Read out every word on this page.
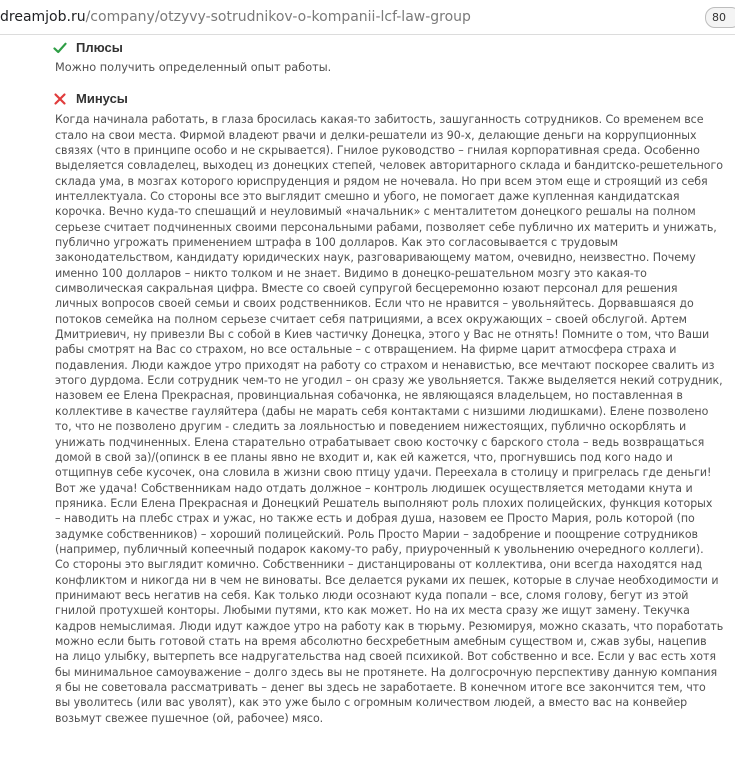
dreamjob.ru/company/otzyvy-sotrudnikov-o-kompanii-lcf-law-group	80
Плюсы
Можно получить определенный опыт работы.
Минусы
Когда начинала работать, в глаза бросилась какая-то забитость, зашуганность сотрудников. Со временем все
стало на свои места. Фирмой владеют рвачи и делки-решатели из 90-х, делающие деньги на коррупционных
связях (что в принципе особо и не скрывается). Гнилое руководство – гнилая корпоративная среда. Особенно
выделяется совладелец, выходец из донецких степей, человек авторитарного склада и бандитско-решетельного
склада ума, в мозгах которого юриспруденция и рядом не ночевала. Но при всем этом еще и строящий из себя
интеллектуала. Со стороны все это выглядит смешно и убого, не помогает даже купленная кандидатская
корочка. Вечно куда-то спешащий и неуловимый «начальник» с менталитетом донецкого решалы на полном
серьезе считает подчиненных своими персональными рабами, позволяет себе публично их материть и унижать,
публично угрожать применением штрафа в 100 долларов. Как это согласовывается с трудовым
законодательством, кандидату юридических наук, разговаривающему матом, очевидно, неизвестно. Почему
именно 100 долларов – никто толком и не знает. Видимо в донецко-решательном мозгу это какая-то
символическая сакральная цифра. Вместе со своей супругой бесцеремонно юзают персонал для решения
личных вопросов своей семьи и своих родственников. Если что не нравится – увольняйтесь. Дорвавшаяся до
потоков семейка на полном серьезе считает себя патрициями, а всех окружающих – своей обслугой. Артем
Дмитриевич, ну привезли Вы с собой в Киев частичку Донецка, этого у Вас не отнять! Помните о том, что Ваши
рабы смотрят на Вас со страхом, но все остальные – с отвращением. На фирме царит атмосфера страха и
подавления. Люди каждое утро приходят на работу со страхом и ненавистью, все мечтают поскорее свалить из
этого дурдома. Если сотрудник чем-то не угодил – он сразу же увольняется. Также выделяется некий сотрудник,
назовем ее Елена Прекрасная, провинциальная собачонка, не являющаяся владельцем, но поставленная в
коллективе в качестве гауляйтера (дабы не марать себя контактами с низшими людишками). Елене позволено
то, что не позволено другим - следить за лояльностью и поведением нижестоящих, публично оскорблять и
унижать подчиненных. Елена старательно отрабатывает свою косточку с барского стола – ведь возвращаться
домой в свой за)/(опинск в ее планы явно не входит и, как ей кажется, что, прогнувшись под кого надо и
отщипнув себе кусочек, она словила в жизни свою птицу удачи. Переехала в столицу и пригрелась где деньги!
Вот же удача! Собственникам надо отдать должное – контроль людишек осуществляется методами кнута и
пряника. Если Елена Прекрасная и Донецкий Решатель выполняют роль плохих полицейских, функция которых
– наводить на плебс страх и ужас, но также есть и добрая душа, назовем ее Просто Мария, роль которой (по
задумке собственников) – хороший полицейский. Роль Просто Марии – задобрение и поощрение сотрудников
(например, публичный копеечный подарок какому-то рабу, приуроченный к увольнению очередного коллеги).
Со стороны это выглядит комично. Собственники – дистанцированы от коллектива, они всегда находятся над
конфликтом и никогда ни в чем не виноваты. Все делается руками их пешек, которые в случае необходимости и
принимают весь негатив на себя. Как только люди осознают куда попали – все, сломя голову, бегут из этой
гнилой протухшей конторы. Любыми путями, кто как может. Но на их места сразу же ищут замену. Текучка
кадров немыслимая. Люди идут каждое утро на работу как в тюрьму. Резюмируя, можно сказать, что поработать
можно если быть готовой стать на время абсолютно бесхребетным амебным существом и, сжав зубы, нацепив
на лицо улыбку, вытерпеть все надругательства над своей психикой. Вот собственно и все. Если у вас есть хотя
бы минимальное самоуважение – долго здесь вы не протянете. На долгосрочную перспективу данную компания
я бы не советовала рассматривать – денег вы здесь не заработаете. В конечном итоге все закончится тем, что
вы уволитесь (или вас уволят), как это уже было с огромным количеством людей, а вместо вас на конвейер
возьмут свежее пушечное (ой, рабочее) мясо.
